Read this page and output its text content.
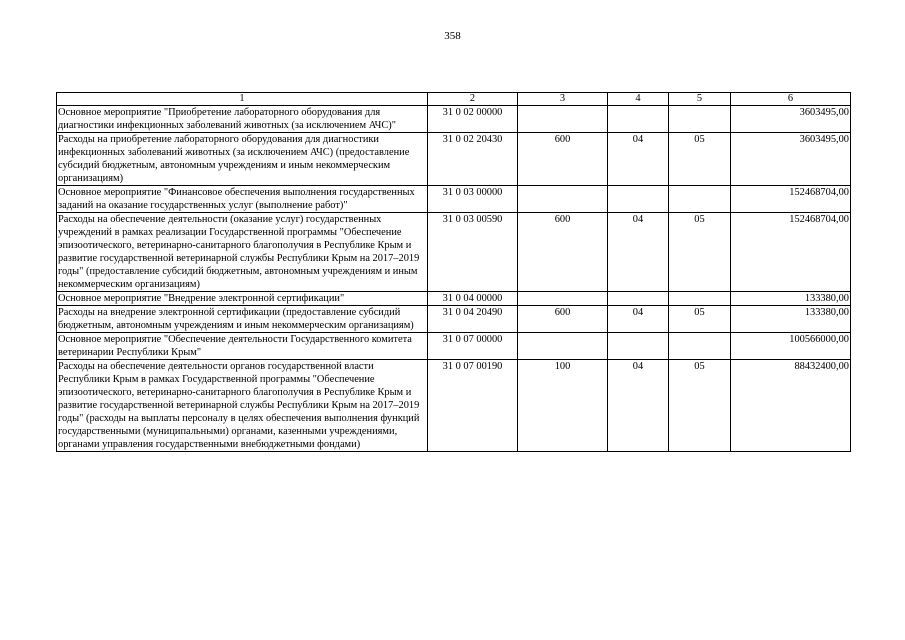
358
1	2	3	4	5	6
Основное мероприятие "Приобретение лабораторного оборудования для диагностики инфекционных заболеваний животных (за исключением АЧС)"	31 0 02 00000				3603495,00
Расходы на приобретение лабораторного оборудования для диагностики инфекционных заболеваний животных (за исключением АЧС) (предоставление субсидий бюджетным, автономным учреждениям и иным некоммерческим организациям)	31 0 02 20430	600	04	05	3603495,00
Основное мероприятие "Финансовое обеспечения выполнения государственных заданий на оказание государственных услуг (выполнение работ)"	31 0 03 00000				152468704,00
Расходы на обеспечение деятельности (оказание услуг) государственных учреждений в рамках реализации Государственной программы "Обеспечение эпизоотического, ветеринарно-санитарного благополучия в Республике Крым и развитие государственной ветеринарной службы Республики Крым на 2017–2019 годы" (предоставление субсидий бюджетным, автономным учреждениям и иным некоммерческим организациям)	31 0 03 00590	600	04	05	152468704,00
Основное мероприятие "Внедрение электронной сертификации"	31 0 04 00000				133380,00
Расходы на внедрение электронной сертификации (предоставление субсидий бюджетным, автономным учреждениям и иным некоммерческим организациям)	31 0 04 20490	600	04	05	133380,00
Основное мероприятие "Обеспечение деятельности Государственного комитета ветеринарии Республики Крым"	31 0 07 00000				100566000,00
Расходы на обеспечение деятельности органов государственной власти Республики Крым в рамках Государственной программы "Обеспечение эпизоотического, ветеринарно-санитарного благополучия в Республике Крым и развитие государственной ветеринарной службы Республики Крым на 2017–2019 годы" (расходы на выплаты персоналу в целях обеспечения выполнения функций государственными (муниципальными) органами, казенными учреждениями, органами управления государственными внебюджетными фондами)	31 0 07 00190	100	04	05	88432400,00
